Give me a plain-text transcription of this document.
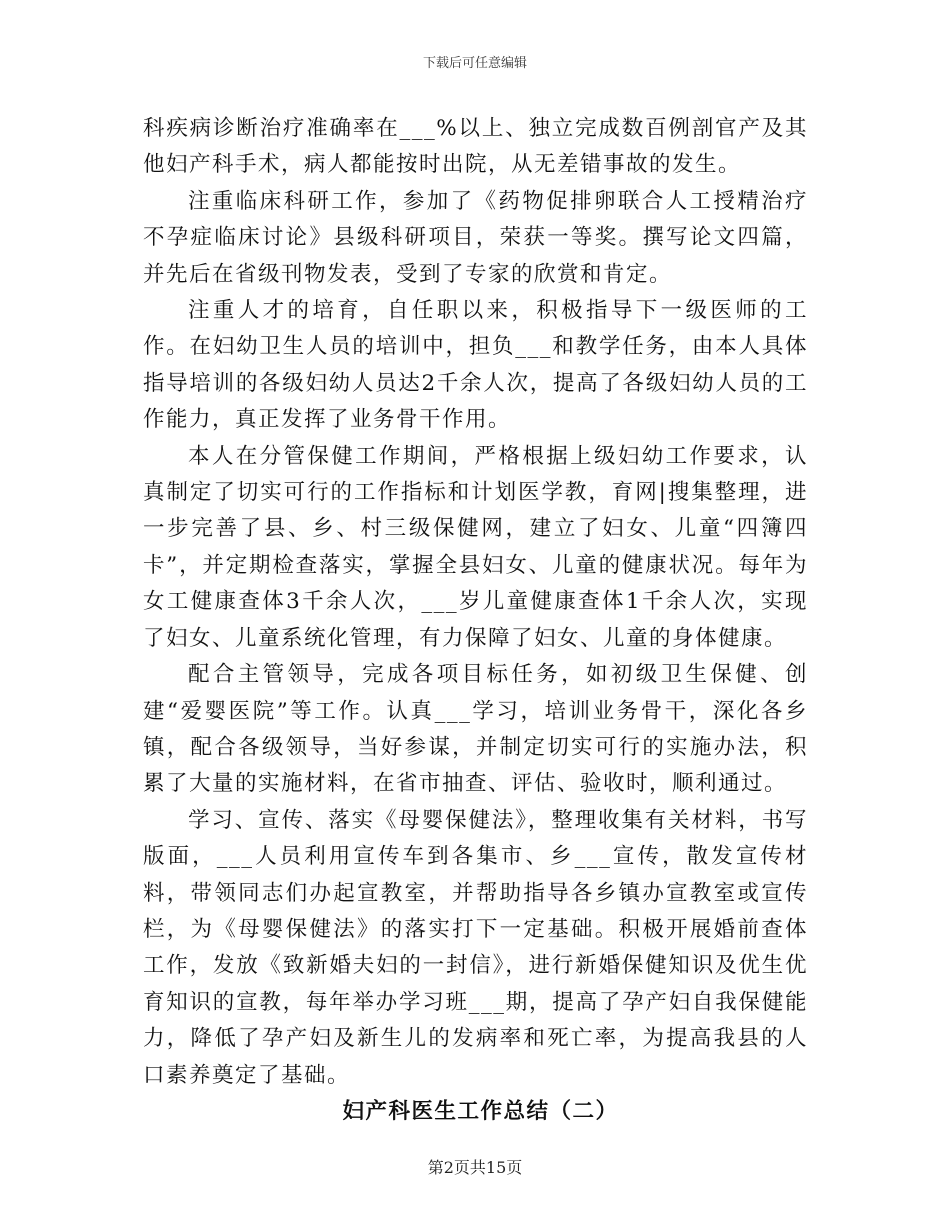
下载后可任意编辑

科疾病诊断治疗准确率在___%以上、独立完成数百例剖官产及其他妇产科手术，病人都能按时出院，从无差错事故的发生。

注重临床科研工作，参加了《药物促排卵联合人工授精治疗不孕症临床讨论》县级科研项目，荣获一等奖。撰写论文四篇，并先后在省级刊物发表，受到了专家的欣赏和肯定。

注重人才的培育，自任职以来，积极指导下一级医师的工作。在妇幼卫生人员的培训中，担负___和教学任务，由本人具体指导培训的各级妇幼人员达2千余人次，提高了各级妇幼人员的工作能力，真正发挥了业务骨干作用。

本人在分管保健工作期间，严格根据上级妇幼工作要求，认真制定了切实可行的工作指标和计划医学教，育网|搜集整理，进一步完善了县、乡、村三级保健网，建立了妇女、儿童“四簿四卡”，并定期检查落实，掌握全县妇女、儿童的健康状况。每年为女工健康查体3千余人次，___岁儿童健康查体1千余人次，实现了妇女、儿童系统化管理，有力保障了妇女、儿童的身体健康。

配合主管领导，完成各项目标任务，如初级卫生保健、创建“爱婴医院”等工作。认真___学习，培训业务骨干，深化各乡镇，配合各级领导，当好参谋，并制定切实可行的实施办法，积累了大量的实施材料，在省市抽查、评估、验收时，顺利通过。

学习、宣传、落实《母婴保健法》，整理收集有关材料，书写版面，___人员利用宣传车到各集市、乡___宣传，散发宣传材料，带领同志们办起宣教室，并帮助指导各乡镇办宣教室或宣传栏，为《母婴保健法》的落实打下一定基础。积极开展婚前查体工作，发放《致新婚夫妇的一封信》，进行新婚保健知识及优生优育知识的宣教，每年举办学习班___期，提高了孕产妇自我保健能力，降低了孕产妇及新生儿的发病率和死亡率，为提高我县的人口素养奠定了基础。

妇产科医生工作总结（二）
第2页共15页
